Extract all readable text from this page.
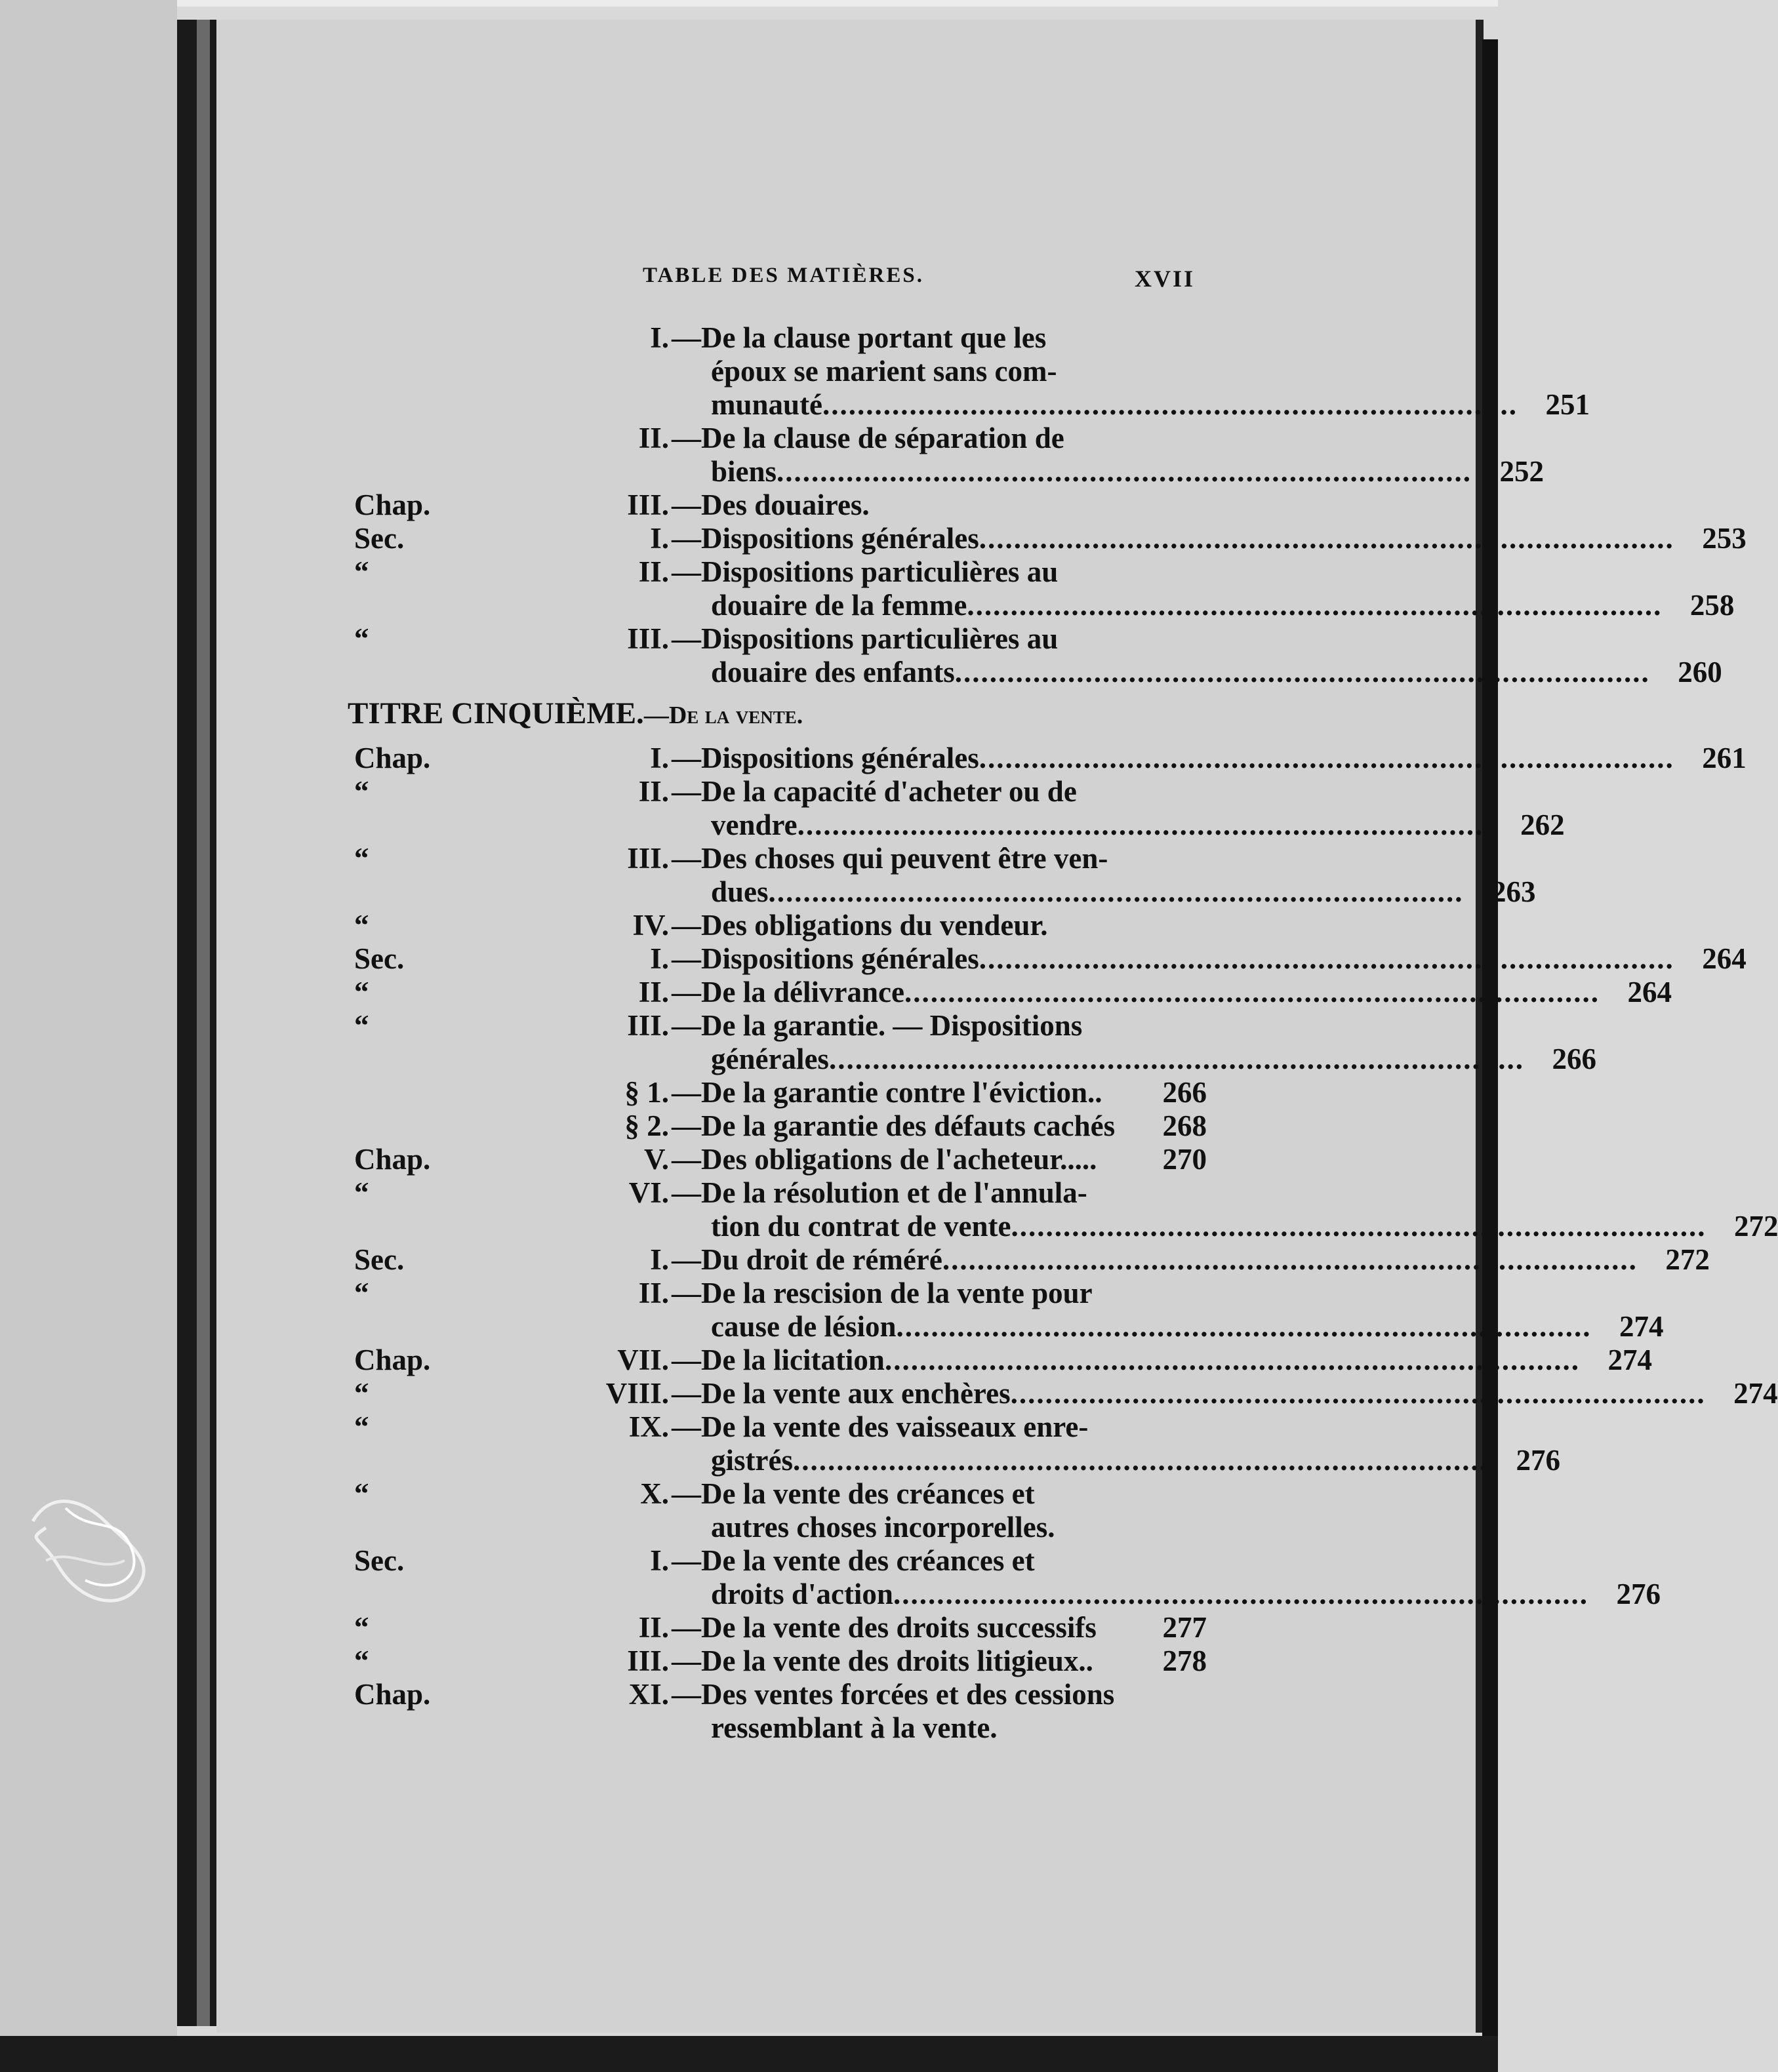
TABLE DES MATIÈRES.	XVII
I. —De la clause portant que les
époux se marient sans com-
munauté ................................................................................ 251
II. —De la clause de séparation de
biens ................................................................................ 252
Chap.	III. —Des douaires.
Sec.	I. —Dispositions générales ................................................................................ 253
“	II. —Dispositions particulières au
douaire de la femme ................................................................................ 258
“	III. —Dispositions particulières au
douaire des enfants ................................................................................ 260
TITRE CINQUIÈME.—De la vente.
Chap.	I. —Dispositions générales ................................................................................ 261
“	II. —De la capacité d'acheter ou de
vendre ................................................................................ 262
“	III. —Des choses qui peuvent être ven-
dues ................................................................................ 263
“	IV. —Des obligations du vendeur.
Sec.	I. —Dispositions générales ................................................................................ 264
“	II. —De la délivrance ................................................................................ 264
“	III. —De la garantie. — Dispositions
générales ................................................................................ 266
§ 1. —De la garantie contre l'éviction..	266
§ 2. —De la garantie des défauts cachés	268
Chap.	V. —Des obligations de l'acheteur.....	270
“	VI. —De la résolution et de l'annula-
tion du contrat de vente ................................................................................ 272
Sec.	I. —Du droit de réméré ................................................................................ 272
“	II. —De la rescision de la vente pour
cause de lésion ................................................................................ 274
Chap.	VII. —De la licitation ................................................................................ 274
“	VIII. —De la vente aux enchères ................................................................................ 274
“	IX. —De la vente des vaisseaux enre-
gistrés ................................................................................ 276
“	X. —De la vente des créances et
autres choses incorporelles.
Sec.	I. —De la vente des créances et
droits d'action ................................................................................ 276
“	II. —De la vente des droits successifs	277
“	III. —De la vente des droits litigieux..	278
Chap.	XI. —Des ventes forcées et des cessions
ressemblant à la vente.
